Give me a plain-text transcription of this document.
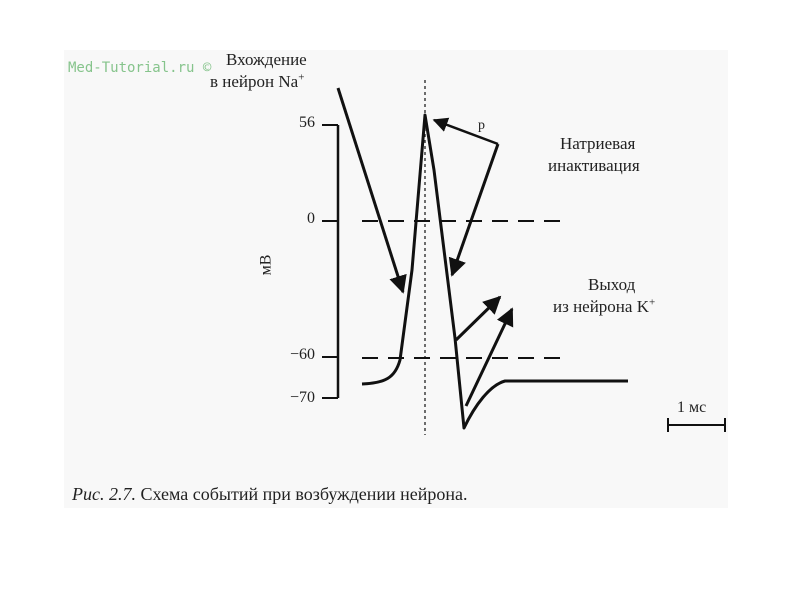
Med-Tutorial.ru © Вхождение
в нейрон Na+
p
Натриевая
инактивация
Выход
из нейрона K+
56
0
−60
−70
мВ
1 мс
Рис. 2.7. Схема событий при возбуждении нейрона.
